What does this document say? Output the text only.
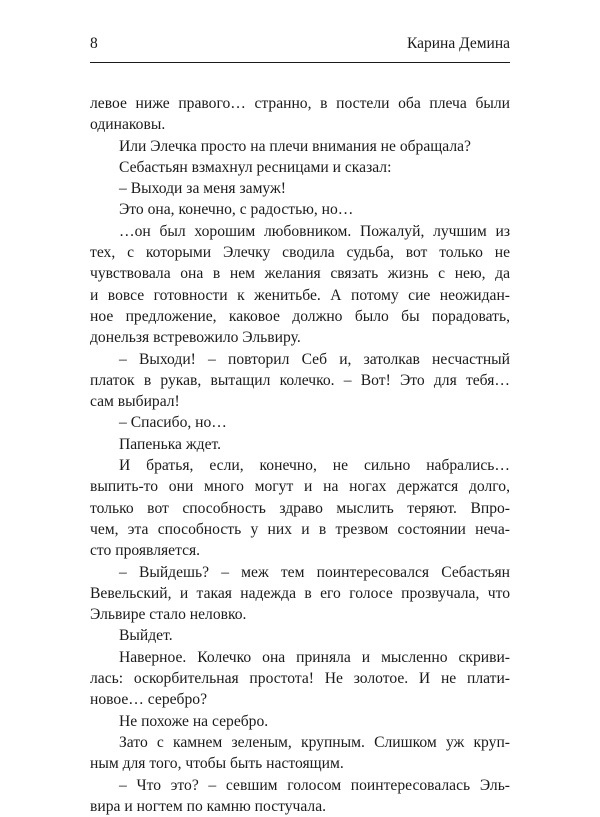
8	Карина Демина
левое ниже правого… странно, в постели оба плеча были
одинаковы.
Или Элечка просто на плечи внимания не обращала?
Себастьян взмахнул ресницами и сказал:
– Выходи за меня замуж!
Это она, конечно, с радостью, но…
…он был хорошим любовником. Пожалуй, лучшим из
тех, с которыми Элечку сводила судьба, вот только не
чувствовала она в нем желания связать жизнь с нею, да
и вовсе готовности к женитьбе. А потому сие неожидан-
ное предложение, каковое должно было бы порадовать,
донельзя встревожило Эльвиру.
– Выходи! – повторил Себ и, затолкав несчастный
платок в рукав, вытащил колечко. – Вот! Это для тебя…
сам выбирал!
– Спасибо, но…
Папенька ждет.
И братья, если, конечно, не сильно набрались…
выпить-то они много могут и на ногах держатся долго,
только вот способность здраво мыслить теряют. Впро-
чем, эта способность у них и в трезвом состоянии неча-
сто проявляется.
– Выйдешь? – меж тем поинтересовался Себастьян
Вевельский, и такая надежда в его голосе прозвучала, что
Эльвире стало неловко.
Выйдет.
Наверное. Колечко она приняла и мысленно скриви-
лась: оскорбительная простота! Не золотое. И не плати-
новое… серебро?
Не похоже на серебро.
Зато с камнем зеленым, крупным. Слишком уж круп-
ным для того, чтобы быть настоящим.
– Что это? – севшим голосом поинтересовалась Эль-
вира и ногтем по камню постучала.
